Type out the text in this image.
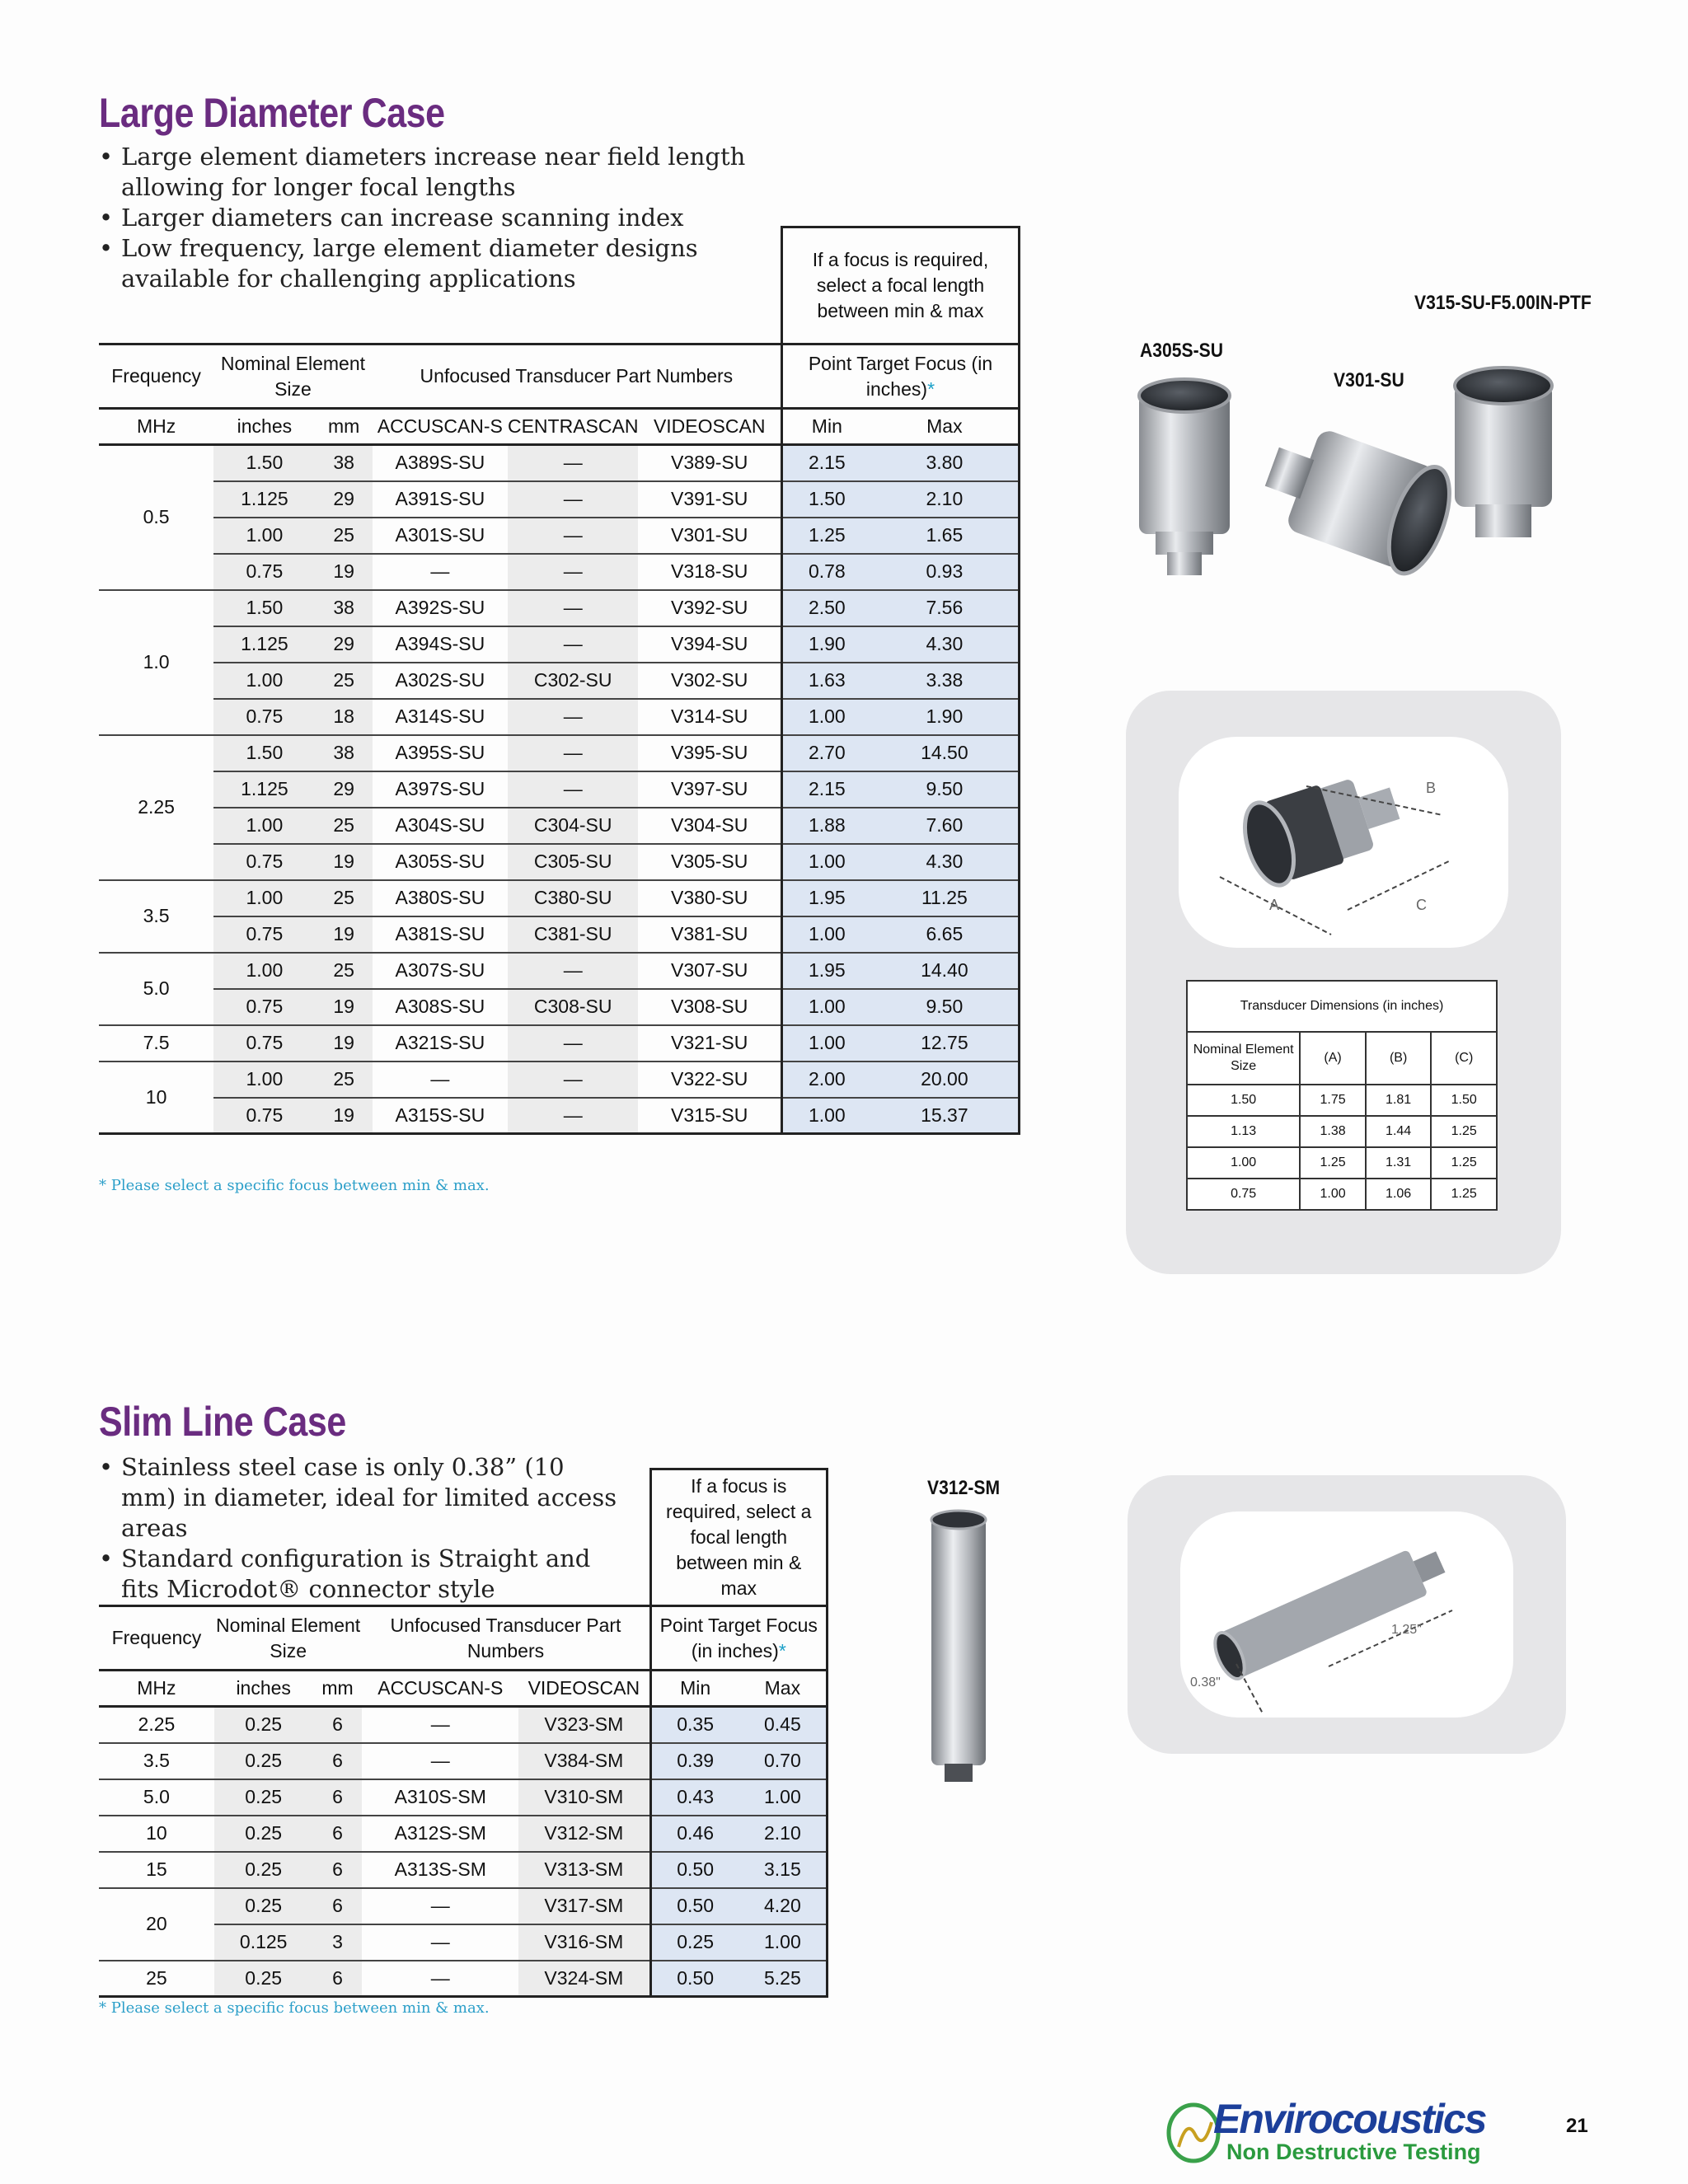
Large Diameter Case
• Large element diameters increase near field length allowing for longer focal lengths
• Larger diameters can increase scanning index
• Low frequency, large element diameter designs available for challenging applications
						If a focus is required, select a focal length between min & max	
Frequency	Nominal Element Size		Unfocused Transducer Part Numbers			Point Target Focus (in inches)*	
MHz	inches	mm	ACCUSCAN-S	CENTRASCAN	VIDEOSCAN	Min	Max
0.5	1.50	38	A389S-SU	—	V389-SU	2.15	3.80
	1.125	29	A391S-SU	—	V391-SU	1.50	2.10
	1.00	25	A301S-SU	—	V301-SU	1.25	1.65
	0.75	19	—	—	V318-SU	0.78	0.93
1.0	1.50	38	A392S-SU	—	V392-SU	2.50	7.56
	1.125	29	A394S-SU	—	V394-SU	1.90	4.30
	1.00	25	A302S-SU	C302-SU	V302-SU	1.63	3.38
	0.75	18	A314S-SU	—	V314-SU	1.00	1.90
2.25	1.50	38	A395S-SU	—	V395-SU	2.70	14.50
	1.125	29	A397S-SU	—	V397-SU	2.15	9.50
	1.00	25	A304S-SU	C304-SU	V304-SU	1.88	7.60
	0.75	19	A305S-SU	C305-SU	V305-SU	1.00	4.30
3.5	1.00	25	A380S-SU	C380-SU	V380-SU	1.95	11.25
	0.75	19	A381S-SU	C381-SU	V381-SU	1.00	6.65
5.0	1.00	25	A307S-SU	—	V307-SU	1.95	14.40
	0.75	19	A308S-SU	C308-SU	V308-SU	1.00	9.50
7.5	0.75	19	A321S-SU	—	V321-SU	1.00	12.75
10	1.00	25	—	—	V322-SU	2.00	20.00
	0.75	19	A315S-SU	—	V315-SU	1.00	15.37
* Please select a specific focus between min & max.
A305S-SU
V301-SU
V315-SU-F5.00IN-PTF
A
B
C
Transducer Dimensions (in inches)			
Nominal Element Size	(A)	(B)	(C)
1.50	1.75	1.81	1.50
1.13	1.38	1.44	1.25
1.00	1.25	1.31	1.25
0.75	1.00	1.06	1.25
Slim Line Case
• Stainless steel case is only 0.38” (10 mm) in diameter, ideal for limited access areas
• Standard configuration is Straight and fits Microdot® connector style
					If a focus is required, select a focal length between min & max	
Frequency	Nominal Element Size		Unfocused Transducer Part Numbers		Point Target Focus (in inches)*	
MHz	inches	mm	ACCUSCAN-S	VIDEOSCAN	Min	Max
2.25	0.25	6	—	V323-SM	0.35	0.45
3.5	0.25	6	—	V384-SM	0.39	0.70
5.0	0.25	6	A310S-SM	V310-SM	0.43	1.00
10	0.25	6	A312S-SM	V312-SM	0.46	2.10
15	0.25	6	A313S-SM	V313-SM	0.50	3.15
20	0.25	6	—	V317-SM	0.50	4.20
	0.125	3	—	V316-SM	0.25	1.00
25	0.25	6	—	V324-SM	0.50	5.25
* Please select a specific focus between min & max.
V312-SM
0.38"
1.25"
Envirocoustics
Non Destructive Testing
21
